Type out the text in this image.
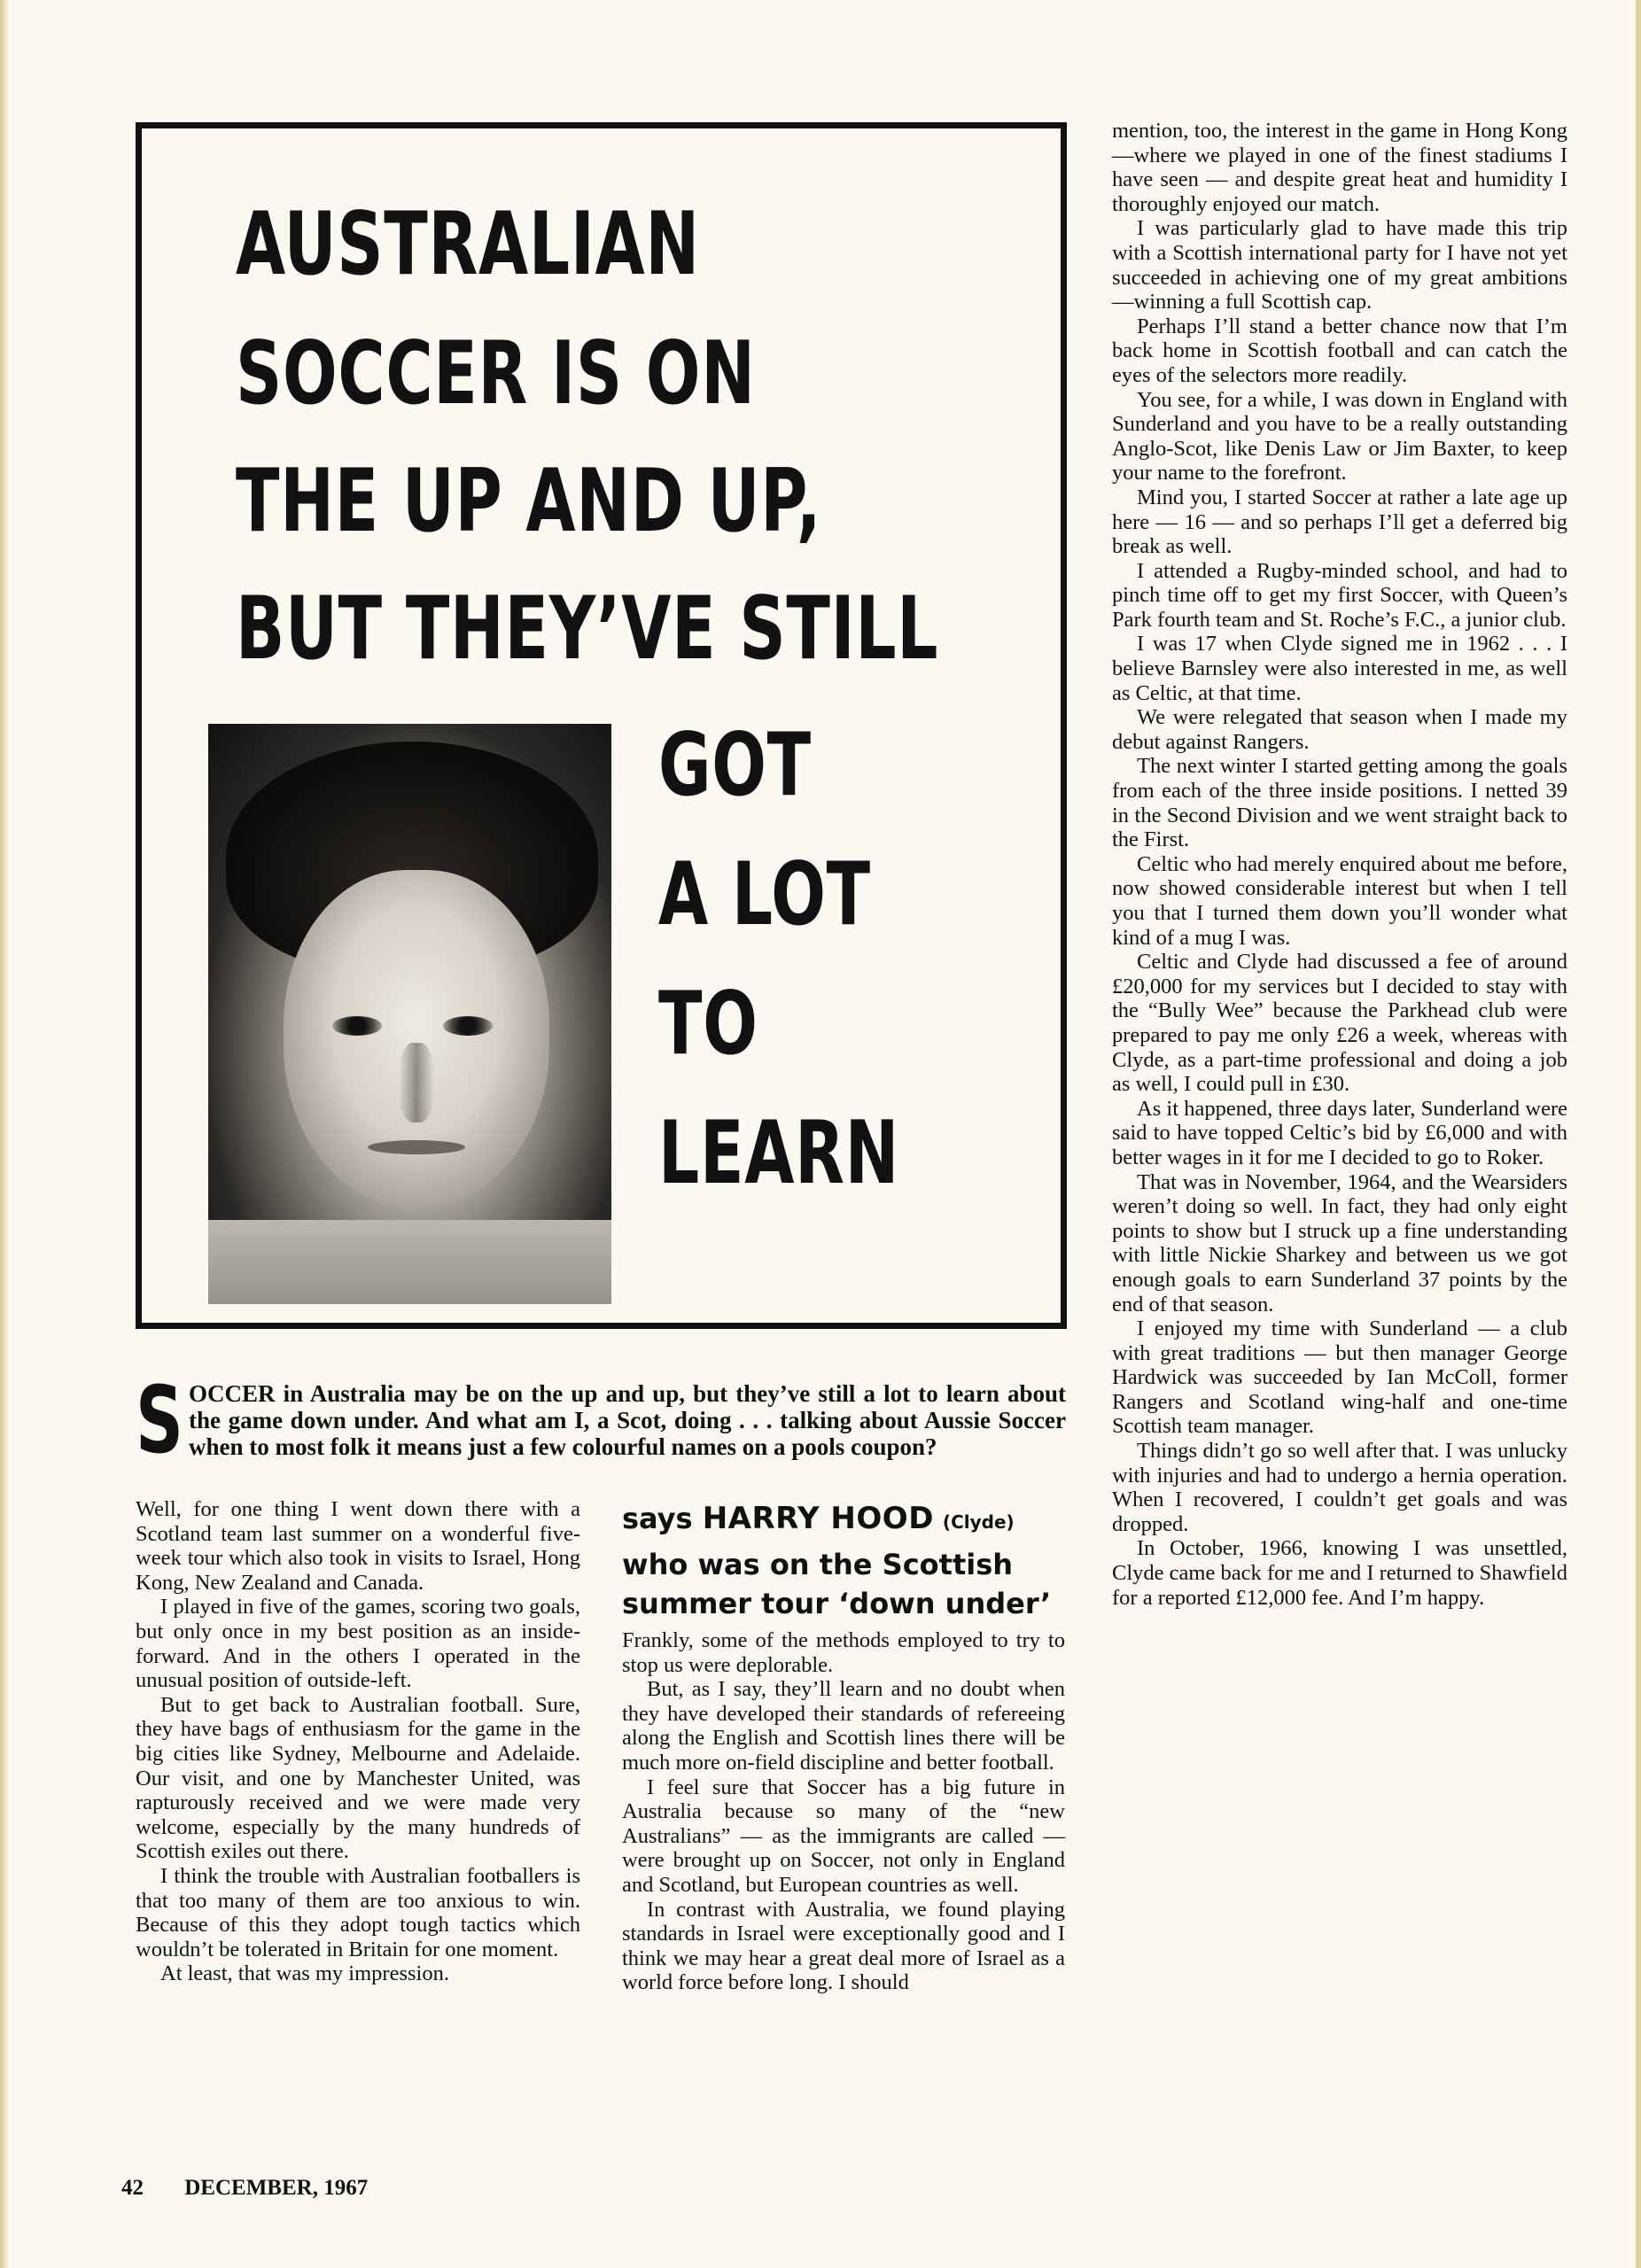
AUSTRALIAN
SOCCER IS ON
THE UP AND UP,
BUT THEY’VE STILL
GOT
A LOT
TO
LEARN

SOCCER in Australia may be on the up and up, but they’ve still a lot to learn about the game down under. And what am I, a Scot, doing . . . talking about Aussie Soccer when to most folk it means just a few colourful names on a pools coupon?

Well, for one thing I went down there with a Scotland team last summer on a wonderful five-week tour which also took in visits to Israel, Hong Kong, New Zealand and Canada.

I played in five of the games, scoring two goals, but only once in my best position as an inside-forward. And in the others I operated in the unusual position of outside-left.

But to get back to Australian football. Sure, they have bags of enthusiasm for the game in the big cities like Sydney, Melbourne and Adelaide. Our visit, and one by Manchester United, was rapturously received and we were made very welcome, especially by the many hundreds of Scottish exiles out there.

I think the trouble with Australian footballers is that too many of them are too anxious to win. Because of this they adopt tough tactics which wouldn’t be tolerated in Britain for one moment.

At least, that was my impression.

says HARRY HOOD (Clyde)
who was on the Scottish summer tour ‘down under’

Frankly, some of the methods employed to try to stop us were deplorable.

But, as I say, they’ll learn and no doubt when they have developed their standards of refereeing along the English and Scottish lines there will be much more on-field discipline and better football.

I feel sure that Soccer has a big future in Australia because so many of the “new Australians” — as the immigrants are called — were brought up on Soccer, not only in England and Scotland, but European countries as well.

In contrast with Australia, we found playing standards in Israel were exceptionally good and I think we may hear a great deal more of Israel as a world force before long. I should

mention, too, the interest in the game in Hong Kong—where we played in one of the finest stadiums I have seen — and despite great heat and humidity I thoroughly enjoyed our match.

I was particularly glad to have made this trip with a Scottish international party for I have not yet succeeded in achieving one of my great ambitions —winning a full Scottish cap.

Perhaps I’ll stand a better chance now that I’m back home in Scottish football and can catch the eyes of the selectors more readily.

You see, for a while, I was down in England with Sunderland and you have to be a really outstanding Anglo-Scot, like Denis Law or Jim Baxter, to keep your name to the forefront.

Mind you, I started Soccer at rather a late age up here — 16 — and so perhaps I’ll get a deferred big break as well.

I attended a Rugby-minded school, and had to pinch time off to get my first Soccer, with Queen’s Park fourth team and St. Roche’s F.C., a junior club.

I was 17 when Clyde signed me in 1962 . . . I believe Barnsley were also interested in me, as well as Celtic, at that time.

We were relegated that season when I made my debut against Rangers.

The next winter I started getting among the goals from each of the three inside positions. I netted 39 in the Second Division and we went straight back to the First.

Celtic who had merely enquired about me before, now showed considerable interest but when I tell you that I turned them down you’ll wonder what kind of a mug I was.

Celtic and Clyde had discussed a fee of around £20,000 for my services but I decided to stay with the “Bully Wee” because the Parkhead club were prepared to pay me only £26 a week, whereas with Clyde, as a part-time professional and doing a job as well, I could pull in £30.

As it happened, three days later, Sunderland were said to have topped Celtic’s bid by £6,000 and with better wages in it for me I decided to go to Roker.

That was in November, 1964, and the Wearsiders weren’t doing so well. In fact, they had only eight points to show but I struck up a fine understanding with little Nickie Sharkey and between us we got enough goals to earn Sunderland 37 points by the end of that season.

I enjoyed my time with Sunderland — a club with great traditions — but then manager George Hardwick was succeeded by Ian McColl, former Rangers and Scotland wing-half and one-time Scottish team manager.

Things didn’t go so well after that. I was unlucky with injuries and had to undergo a hernia operation. When I recovered, I couldn’t get goals and was dropped.

In October, 1966, knowing I was unsettled, Clyde came back for me and I returned to Shawfield for a reported £12,000 fee. And I’m happy.

42 DECEMBER, 1967
